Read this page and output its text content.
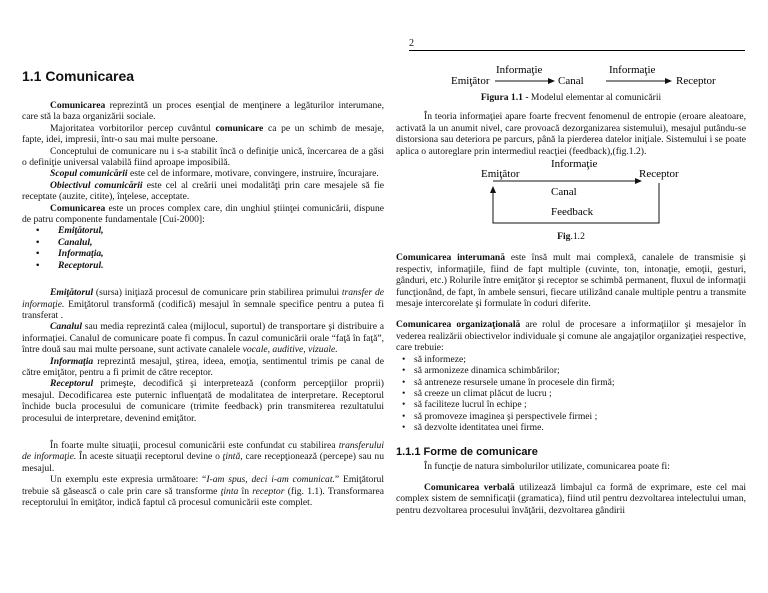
2
1.1 Comunicarea

Comunicarea reprezintă un proces esenţial de menţinere a legăturilor interumane, care stă la baza organizării sociale.

Majoritatea vorbitorilor percep cuvântul comunicare ca pe un schimb de mesaje, fapte, idei, impresii, într-o sau mai multe persoane.

Conceptului de comunicare nu i s-a stabilit încă o definiţie unică, încercarea de a găsi o definiţie universal valabilă fiind aproape imposibilă.

Scopul comunicării este cel de informare, motivare, convingere, instruire, încurajare.

Obiectivul comunicării este cel al creării unei modalităţi prin care mesajele să fie receptate (auzite, citite), înţelese, acceptate.

Comunicarea este un proces complex care, din unghiul ştiinţei comunicării, dispune de patru componente fundamentale [Cui-2000]:

• Emiţătorul,
• Canalul,
• Informaţia,
• Receptorul.

Emiţătorul (sursa) iniţiază procesul de comunicare prin stabilirea primului transfer de informaţie. Emiţătorul transformă (codifică) mesajul în semnale specifice pentru a putea fi transferat .

Canalul sau media reprezintă calea (mijlocul, suportul) de transportare şi distribuire a informaţiei. Canalul de comunicare poate fi compus. În cazul comunicării orale “faţă în faţă”, între două sau mai multe persoane, sunt activate canalele vocale, auditive, vizuale.

Informaţia reprezintă mesajul, ştirea, ideea, emoţia, sentimentul trimis pe canal de către emiţător, pentru a fi primit de către receptor.

Receptorul primeşte, decodifică şi interpretează (conform percepţiilor proprii) mesajul. Decodificarea este puternic influenţată de modalitatea de interpretare. Receptorul închide bucla procesului de comunicare (trimite feedback) prin transmiterea rezultatului procesului de interpretare, devenind emiţător.

În foarte multe situaţii, procesul comunicării este confundat cu stabilirea transferului de informaţie. În aceste situaţii receptorul devine o ţintă, care recepţionează (percepe) sau nu mesajul.

Un exemplu este expresia următoare: “I-am spus, deci i-am comunicat.” Emiţătorul trebuie să găsească o cale prin care să transforme ţinta în receptor (fig. 1.1). Transformarea receptorului în emiţător, indică faptul că procesul comunicării este complet.

Emiţător
Informaţie
Canal
Informaţie
Receptor
Figura 1.1 - Modelul elementar al comunicării

În teoria informaţiei apare foarte frecvent fenomenul de entropie (eroare aleatoare, activată la un anumit nivel, care provoacă dezorganizarea sistemului), mesajul putându-se distorsiona sau deteriora pe parcurs, până la pierderea datelor iniţiale. Sistemului i se poate aplica o autoreglare prin intermediul reacţiei (feedback),(fig.1.2).

Emiţător
Informaţie
Receptor
Canal
Feedback
Fig.1.2

Comunicarea interumană este însă mult mai complexă, canalele de transmisie şi respectiv, informaţiile, fiind de fapt multiple (cuvinte, ton, intonaţie, emoţii, gesturi, gânduri, etc.) Rolurile între emiţător şi receptor se schimbă permanent, fluxul de informaţii funcţionând, de fapt, în ambele sensuri, fiecare utilizând canale multiple pentru a transmite mesaje intercorelate şi formulate în coduri diferite.

Comunicarea organizaţională are rolul de procesare a informaţiilor şi mesajelor în vederea realizării obiectivelor individuale şi comune ale angajaţilor organizaţiei respective, care trebuie:

• să informeze;
• să armonizeze dinamica schimbărilor;
• să antreneze resursele umane în procesele din firmă;
• să creeze un climat plăcut de lucru ;
• să faciliteze lucrul în echipe ;
• să promoveze imaginea şi perspectivele firmei ;
• să dezvolte identitatea unei firme.
1.1.1 Forme de comunicare

În funcţie de natura simbolurilor utilizate, comunicarea poate fi:

Comunicarea verbală utilizează limbajul ca formă de exprimare, este cel mai complex sistem de semnificaţii (gramatica), fiind util pentru dezvoltarea intelectului uman, pentru dezvoltarea procesului învăţării, dezvoltarea gândirii
